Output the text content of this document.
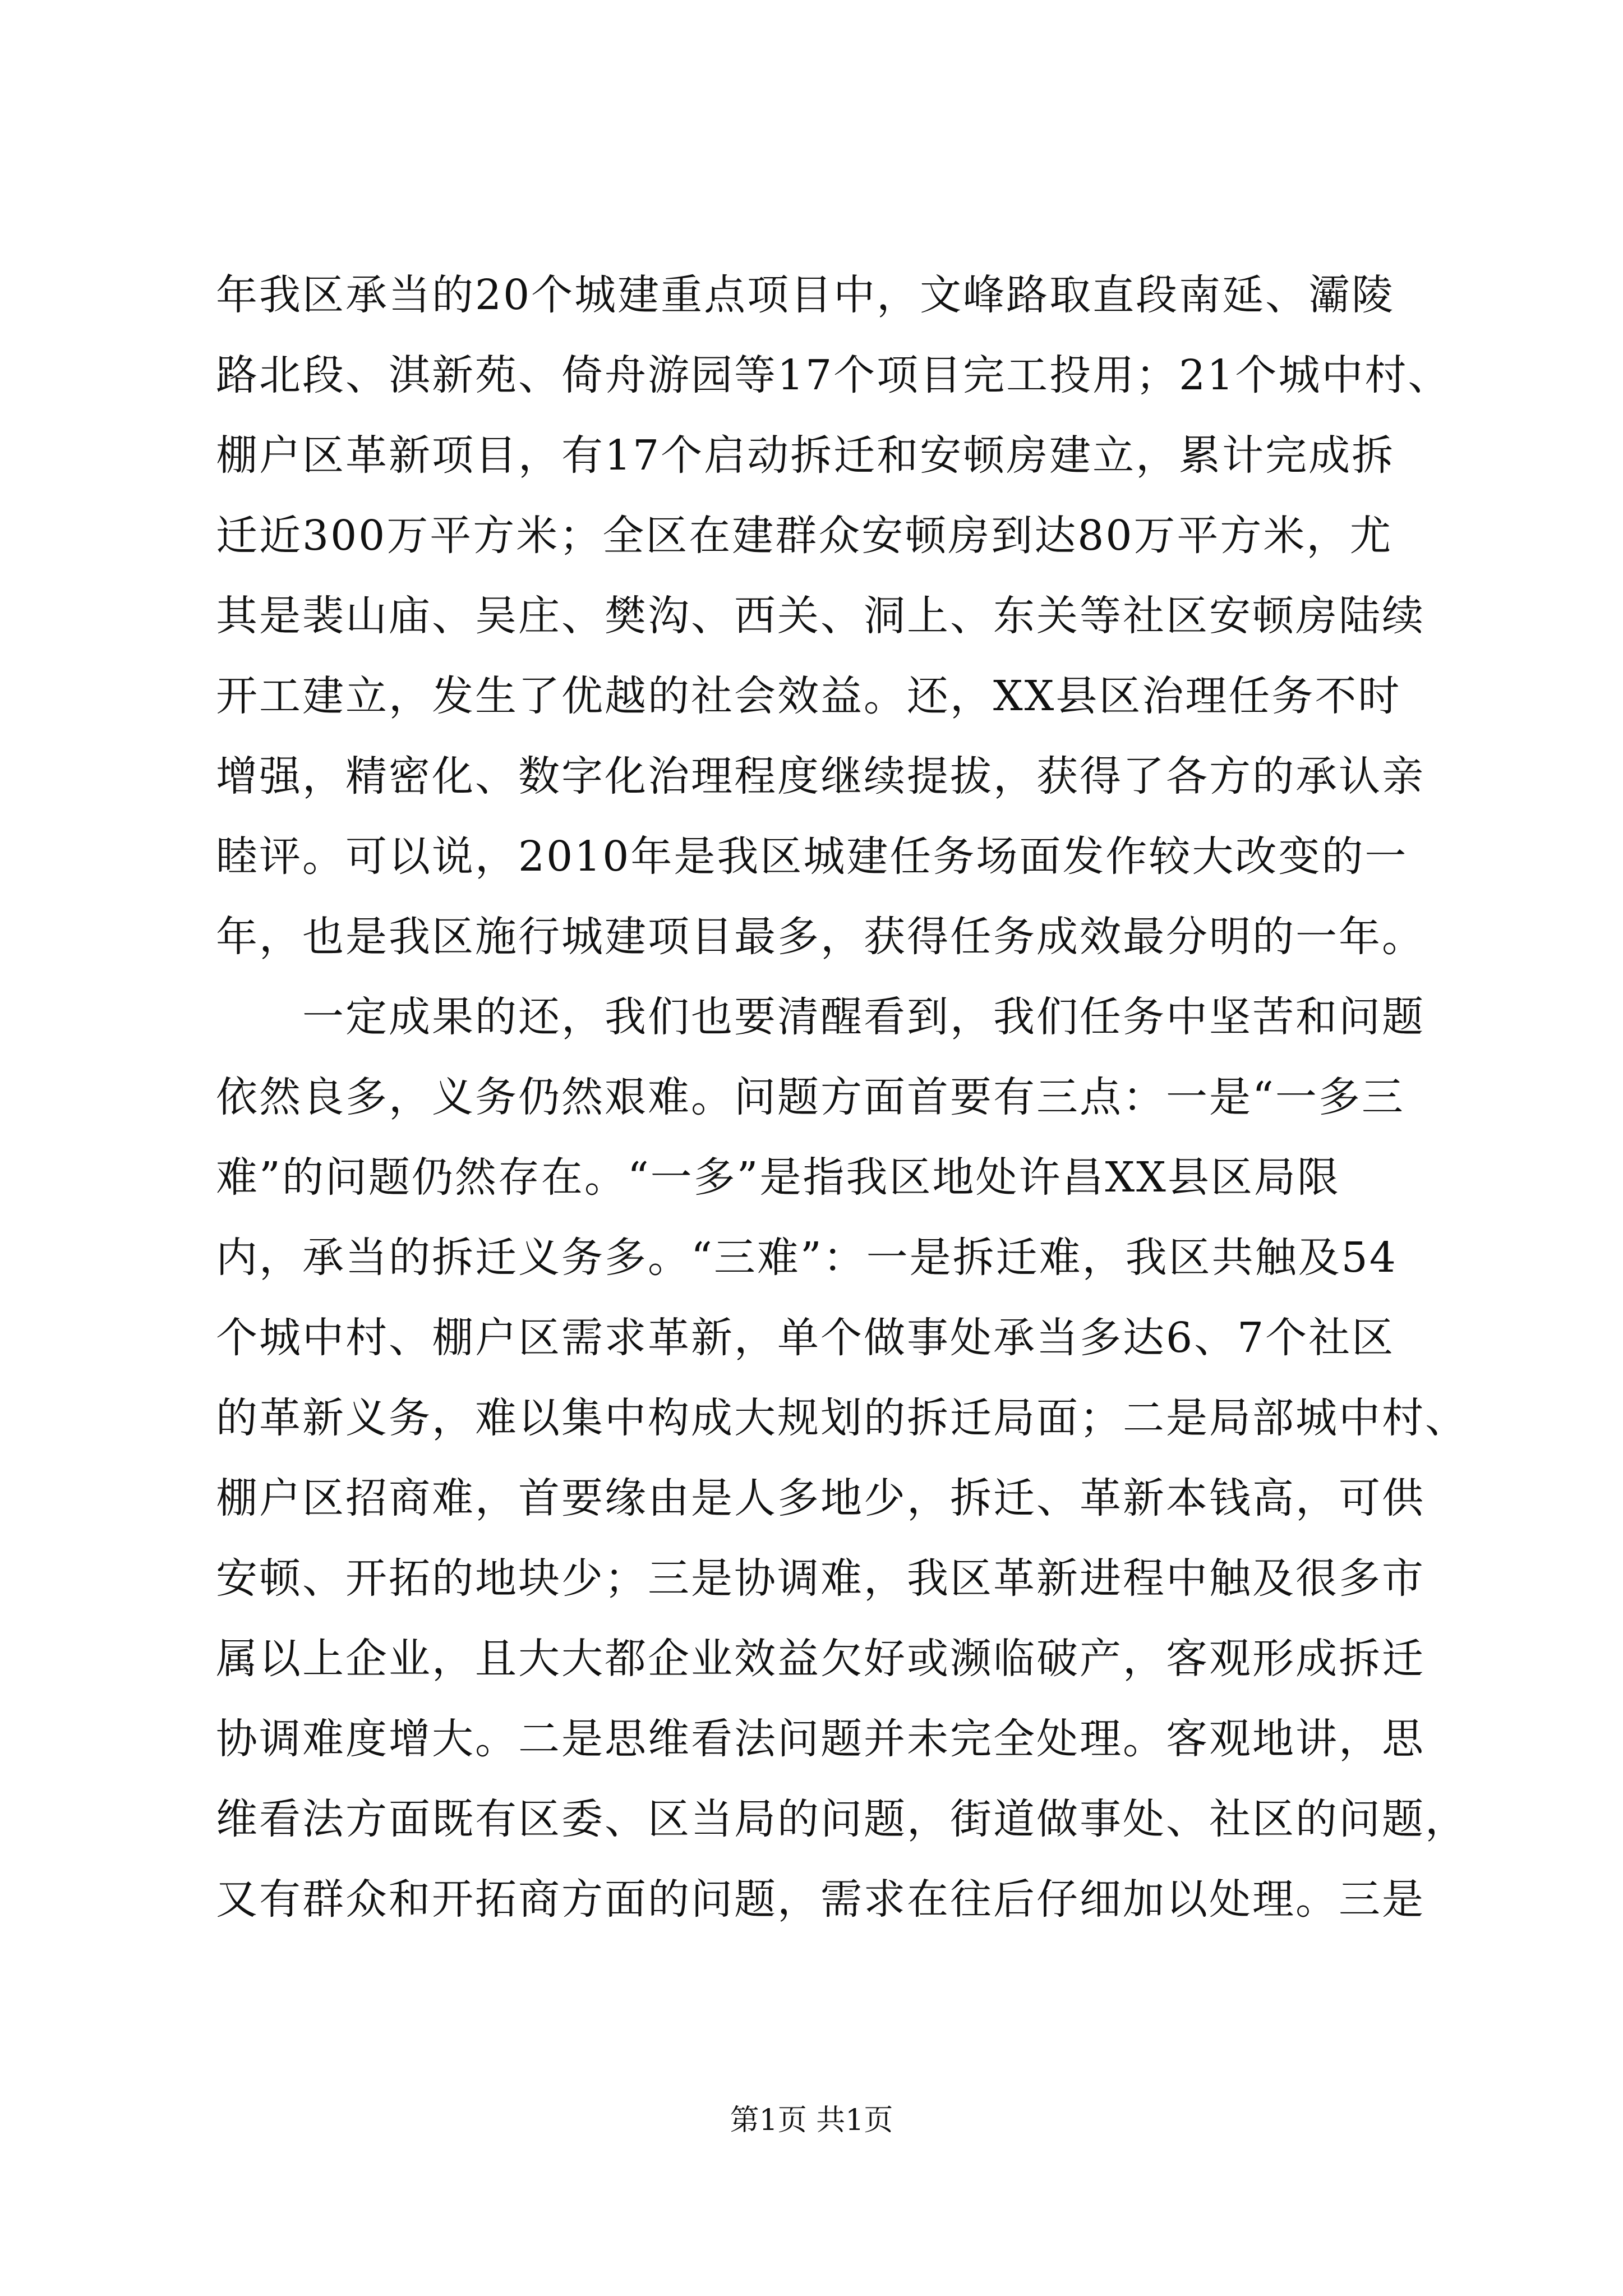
年我区承当的20个城建重点项目中，文峰路取直段南延、灞陵
路北段、淇新苑、倚舟游园等17个项目完工投用；21个城中村、
棚户区革新项目，有17个启动拆迁和安顿房建立，累计完成拆
迁近300万平方米；全区在建群众安顿房到达80万平方米，尤
其是裴山庙、吴庄、樊沟、西关、洞上、东关等社区安顿房陆续
开工建立，发生了优越的社会效益。还，XX县区治理任务不时
增强，精密化、数字化治理程度继续提拔，获得了各方的承认亲
睦评。可以说，2010年是我区城建任务场面发作较大改变的一
年，也是我区施行城建项目最多，获得任务成效最分明的一年。
　　一定成果的还，我们也要清醒看到，我们任务中坚苦和问题
依然良多，义务仍然艰难。问题方面首要有三点：一是“一多三
难”的问题仍然存在。“一多”是指我区地处许昌XX县区局限
内，承当的拆迁义务多。“三难”：一是拆迁难，我区共触及54
个城中村、棚户区需求革新，单个做事处承当多达6、7个社区
的革新义务，难以集中构成大规划的拆迁局面；二是局部城中村、
棚户区招商难，首要缘由是人多地少，拆迁、革新本钱高，可供
安顿、开拓的地块少；三是协调难，我区革新进程中触及很多市
属以上企业，且大大都企业效益欠好或濒临破产，客观形成拆迁
协调难度增大。二是思维看法问题并未完全处理。客观地讲，思
维看法方面既有区委、区当局的问题，街道做事处、社区的问题，
又有群众和开拓商方面的问题，需求在往后仔细加以处理。三是
第1页 共1页
